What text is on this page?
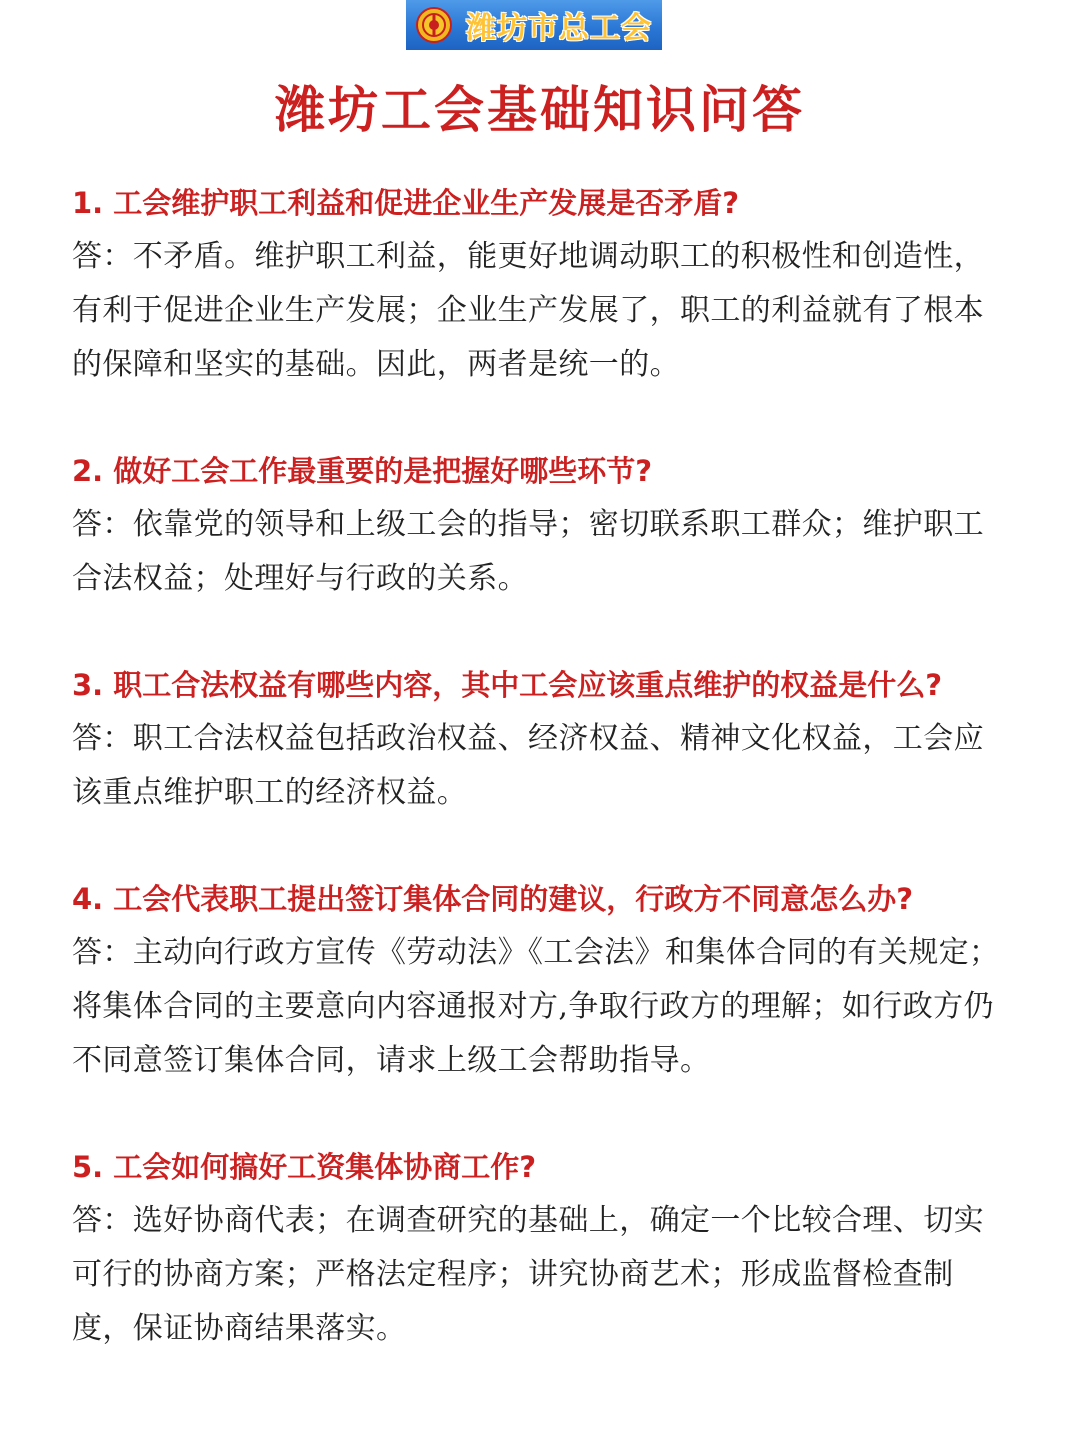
潍坊市总工会
潍坊工会基础知识问答

1. 工会维护职工利益和促进企业生产发展是否矛盾?

答：不矛盾。维护职工利益，能更好地调动职工的积极性和创造性，有利于促进企业生产发展；企业生产发展了，职工的利益就有了根本的保障和坚实的基础。因此，两者是统一的。

2. 做好工会工作最重要的是把握好哪些环节?

答：依靠党的领导和上级工会的指导；密切联系职工群众；维护职工合法权益；处理好与行政的关系。

3. 职工合法权益有哪些内容，其中工会应该重点维护的权益是什么?

答：职工合法权益包括政治权益、经济权益、精神文化权益，工会应该重点维护职工的经济权益。

4. 工会代表职工提出签订集体合同的建议，行政方不同意怎么办?

答：主动向行政方宣传《劳动法》《工会法》和集体合同的有关规定；将集体合同的主要意向内容通报对方,争取行政方的理解；如行政方仍不同意签订集体合同，请求上级工会帮助指导。

5. 工会如何搞好工资集体协商工作?

答：选好协商代表；在调查研究的基础上，确定一个比较合理、切实可行的协商方案；严格法定程序；讲究协商艺术；形成监督检查制度，保证协商结果落实。
